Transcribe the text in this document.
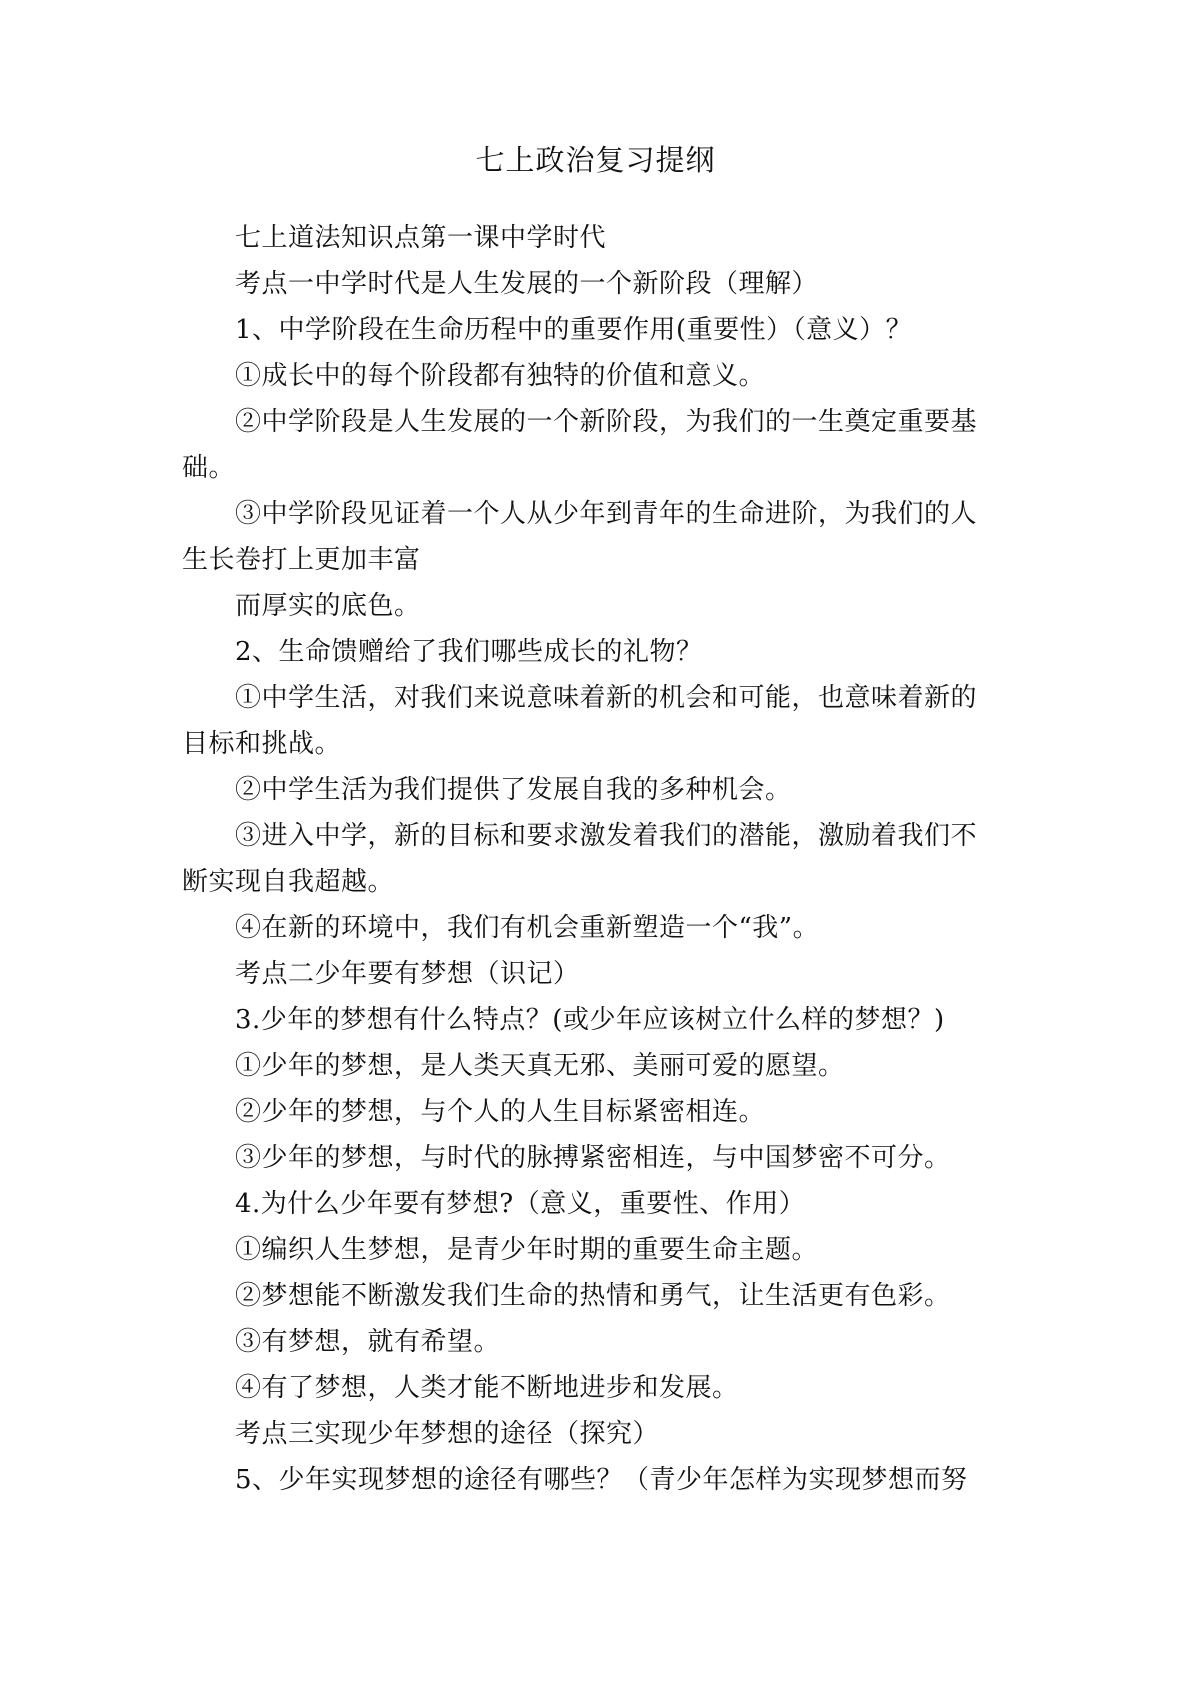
七上政治复习提纲
七上道法知识点第一课中学时代
考点一中学时代是人生发展的一个新阶段（理解）
1、中学阶段在生命历程中的重要作用(重要性）（意义）？
①成长中的每个阶段都有独特的价值和意义。
②中学阶段是人生发展的一个新阶段，为我们的一生奠定重要基
础。
③中学阶段见证着一个人从少年到青年的生命进阶，为我们的人
生长卷打上更加丰富
而厚实的底色。
2、生命馈赠给了我们哪些成长的礼物？
①中学生活，对我们来说意味着新的机会和可能，也意味着新的
目标和挑战。
②中学生活为我们提供了发展自我的多种机会。
③进入中学，新的目标和要求激发着我们的潜能，激励着我们不
断实现自我超越。
④在新的环境中，我们有机会重新塑造一个“我”。
考点二少年要有梦想（识记）
3.少年的梦想有什么特点？(或少年应该树立什么样的梦想？)
①少年的梦想，是人类天真无邪、美丽可爱的愿望。
②少年的梦想，与个人的人生目标紧密相连。
③少年的梦想，与时代的脉搏紧密相连，与中国梦密不可分。
4.为什么少年要有梦想?（意义，重要性、作用）
①编织人生梦想，是青少年时期的重要生命主题。
②梦想能不断激发我们生命的热情和勇气，让生活更有色彩。
③有梦想，就有希望。
④有了梦想，人类才能不断地进步和发展。
考点三实现少年梦想的途径（探究）
5、少年实现梦想的途径有哪些？（青少年怎样为实现梦想而努
